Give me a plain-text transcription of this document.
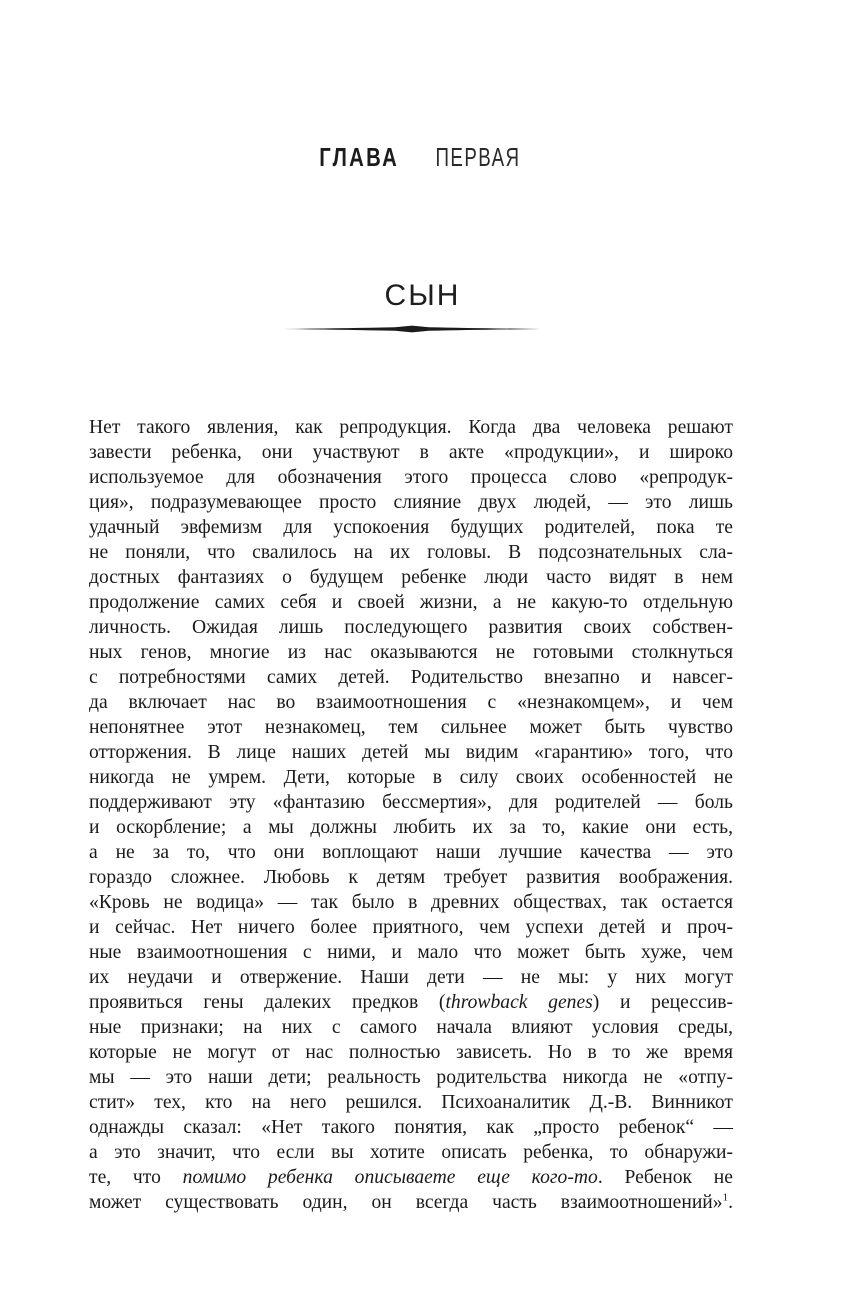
ГЛАВА ПЕРВАЯ
СЫН
Нет такого явления, как репродукция. Когда два человека решают
завести ребенка, они участвуют в акте «продукции», и широко
используемое для обозначения этого процесса слово «репродук-
ция», подразумевающее просто слияние двух людей, — это лишь
удачный эвфемизм для успокоения будущих родителей, пока те
не поняли, что свалилось на их головы. В подсознательных сла-
достных фантазиях о будущем ребенке люди часто видят в нем
продолжение самих себя и своей жизни, а не какую-то отдельную
личность. Ожидая лишь последующего развития своих собствен-
ных генов, многие из нас оказываются не готовыми столкнуться
с потребностями самих детей. Родительство внезапно и навсег-
да включает нас во взаимоотношения с «незнакомцем», и чем
непонятнее этот незнакомец, тем сильнее может быть чувство
отторжения. В лице наших детей мы видим «гарантию» того, что
никогда не умрем. Дети, которые в силу своих особенностей не
поддерживают эту «фантазию бессмертия», для родителей — боль
и оскорбление; а мы должны любить их за то, какие они есть,
а не за то, что они воплощают наши лучшие качества — это
гораздо сложнее. Любовь к детям требует развития воображения.
«Кровь не водица» — так было в древних обществах, так остается
и сейчас. Нет ничего более приятного, чем успехи детей и проч-
ные взаимоотношения с ними, и мало что может быть хуже, чем
их неудачи и отвержение. Наши дети — не мы: у них могут
проявиться гены далеких предков (throwback genes) и рецессив-
ные признаки; на них с самого начала влияют условия среды,
которые не могут от нас полностью зависеть. Но в то же время
мы — это наши дети; реальность родительства никогда не «отпу-
стит» тех, кто на него решился. Психоаналитик Д.-В. Винникот
однажды сказал: «Нет такого понятия, как „просто ребенок“ —
а это значит, что если вы хотите описать ребенка, то обнаружи-
те, что помимо ребенка описываете еще кого-то. Ребенок не
может существовать один, он всегда часть взаимоотношений»$^1$.
